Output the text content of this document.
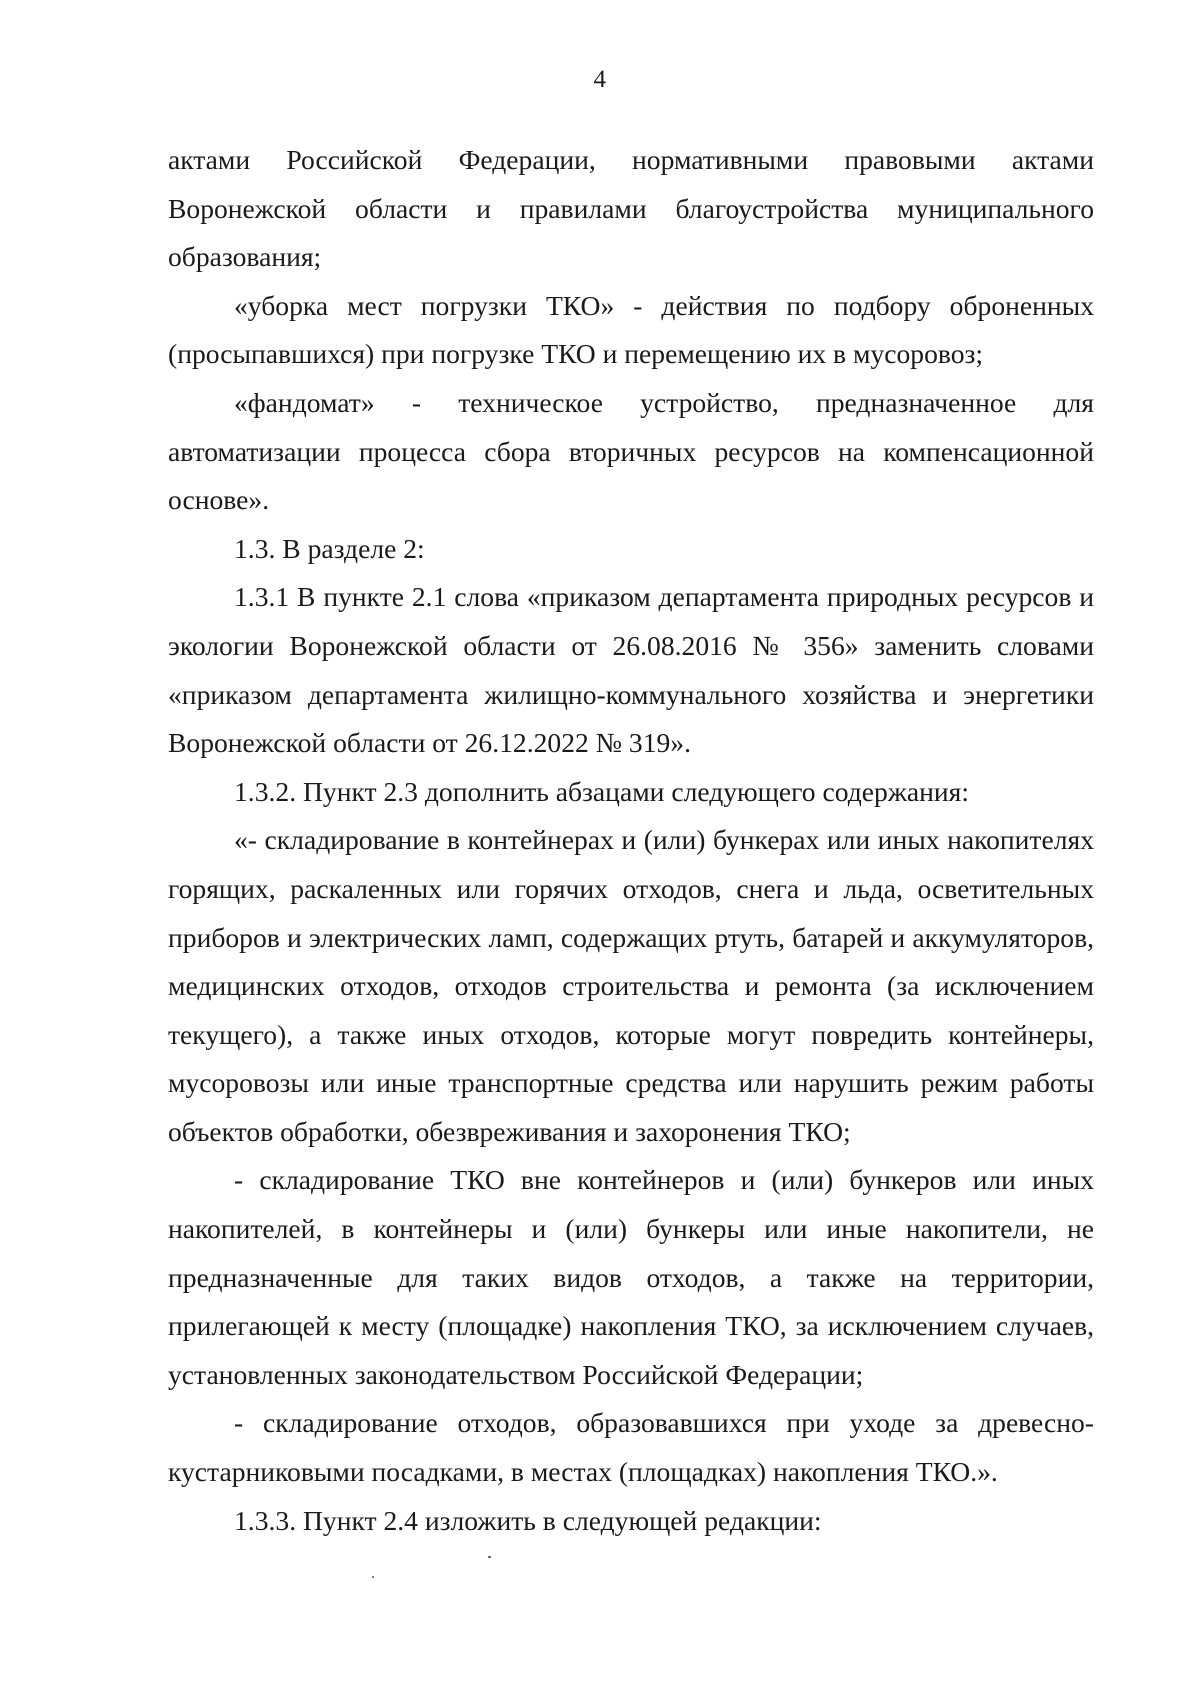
4

актами Российской Федерации, нормативными правовыми актами Воронежской области и правилами благоустройства муниципального образования;

«уборка мест погрузки ТКО» - действия по подбору оброненных (просыпавшихся) при погрузке ТКО и перемещению их в мусоровоз;

«фандомат» - техническое устройство, предназначенное для автоматизации процесса сбора вторичных ресурсов на компенсационной основе».

1.3. В разделе 2:

1.3.1 В пункте 2.1 слова «приказом департамента природных ресурсов и экологии Воронежской области от 26.08.2016 № 356» заменить словами «приказом департамента жилищно-коммунального хозяйства и энергетики Воронежской области от 26.12.2022 № 319».

1.3.2. Пункт 2.3 дополнить абзацами следующего содержания:

«- складирование в контейнерах и (или) бункерах или иных накопителях горящих, раскаленных или горячих отходов, снега и льда, осветительных приборов и электрических ламп, содержащих ртуть, батарей и аккумуляторов, медицинских отходов, отходов строительства и ремонта (за исключением текущего), а также иных отходов, которые могут повредить контейнеры, мусоровозы или иные транспортные средства или нарушить режим работы объектов обработки, обезвреживания и захоронения ТКО;

- складирование ТКО вне контейнеров и (или) бункеров или иных накопителей, в контейнеры и (или) бункеры или иные накопители, не предназначенные для таких видов отходов, а также на территории, прилегающей к месту (площадке) накопления ТКО, за исключением случаев, установленных законодательством Российской Федерации;

- складирование отходов, образовавшихся при уходе за древесно-кустарниковыми посадками, в местах (площадках) накопления ТКО.».

1.3.3. Пункт 2.4 изложить в следующей редакции:
